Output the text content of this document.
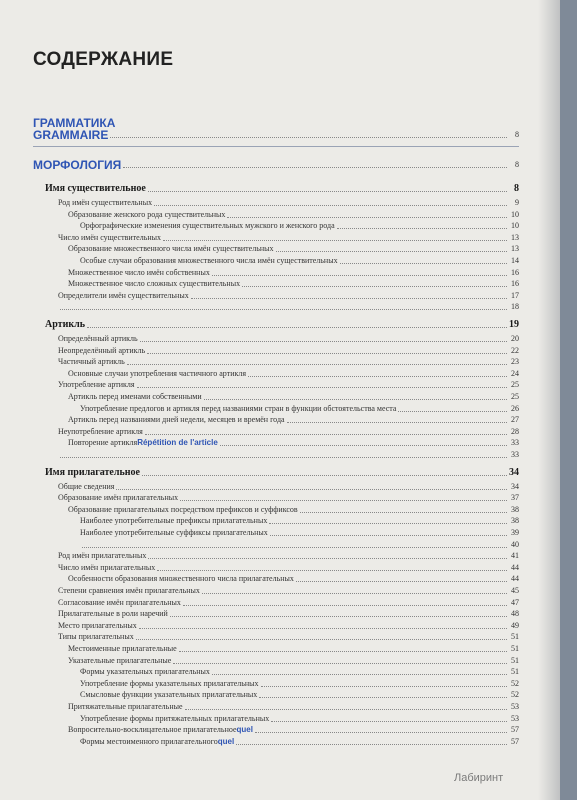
СОДЕРЖАНИЕ
ГРАММАТИКА
GRAMMAIRE	8
МОРФОЛОГИЯ	8
Имя существительное	8
Род имён существительных	9
Образование женского рода существительных	10
Орфографические изменения существительных мужского и женского рода	10
Число имён существительных	13
Образование множественного числа имён существительных	13
Особые случаи образования множественного числа имён существительных	14
Множественное число имён собственных	16
Множественное число сложных существительных	16
Определители имён существительных	17
18
Артикль	19
Определённый артикль	20
Неопределённый артикль	22
Частичный артикль	23
Основные случаи употребления частичного артикля	24
Употребление артикля	25
Артикль перед именами собственными	25
Употребление предлогов и артикля перед названиями стран в функции обстоятельства места	26
Артикль перед названиями дней недели, месяцев и времён года	27
Неупотребление артикля	28
Повторение артикля Répétition de l'article	33
33
Имя прилагательное	34
Общие сведения	34
Образование имён прилагательных	37
Образование прилагательных посредством префиксов и суффиксов	38
Наиболее употребительные префиксы прилагательных	38
Наиболее употребительные суффиксы прилагательных	39
40
Род имён прилагательных	41
Число имён прилагательных	44
Особенности образования множественного числа прилагательных	44
Степени сравнения имён прилагательных	45
Согласование имён прилагательных	47
Прилагательные в роли наречий	48
Место прилагательных	49
Типы прилагательных	51
Местоименные прилагательные	51
Указательные прилагательные	51
Формы указательных прилагательных	51
Употребление формы указательных прилагательных	52
Смысловые функции указательных прилагательных	52
Притяжательные прилагательные	53
Употребление формы притяжательных прилагательных	53
Вопросительно-восклицательное прилагательное quel	57
Формы местоименного прилагательного quel	57
Лабиринт
